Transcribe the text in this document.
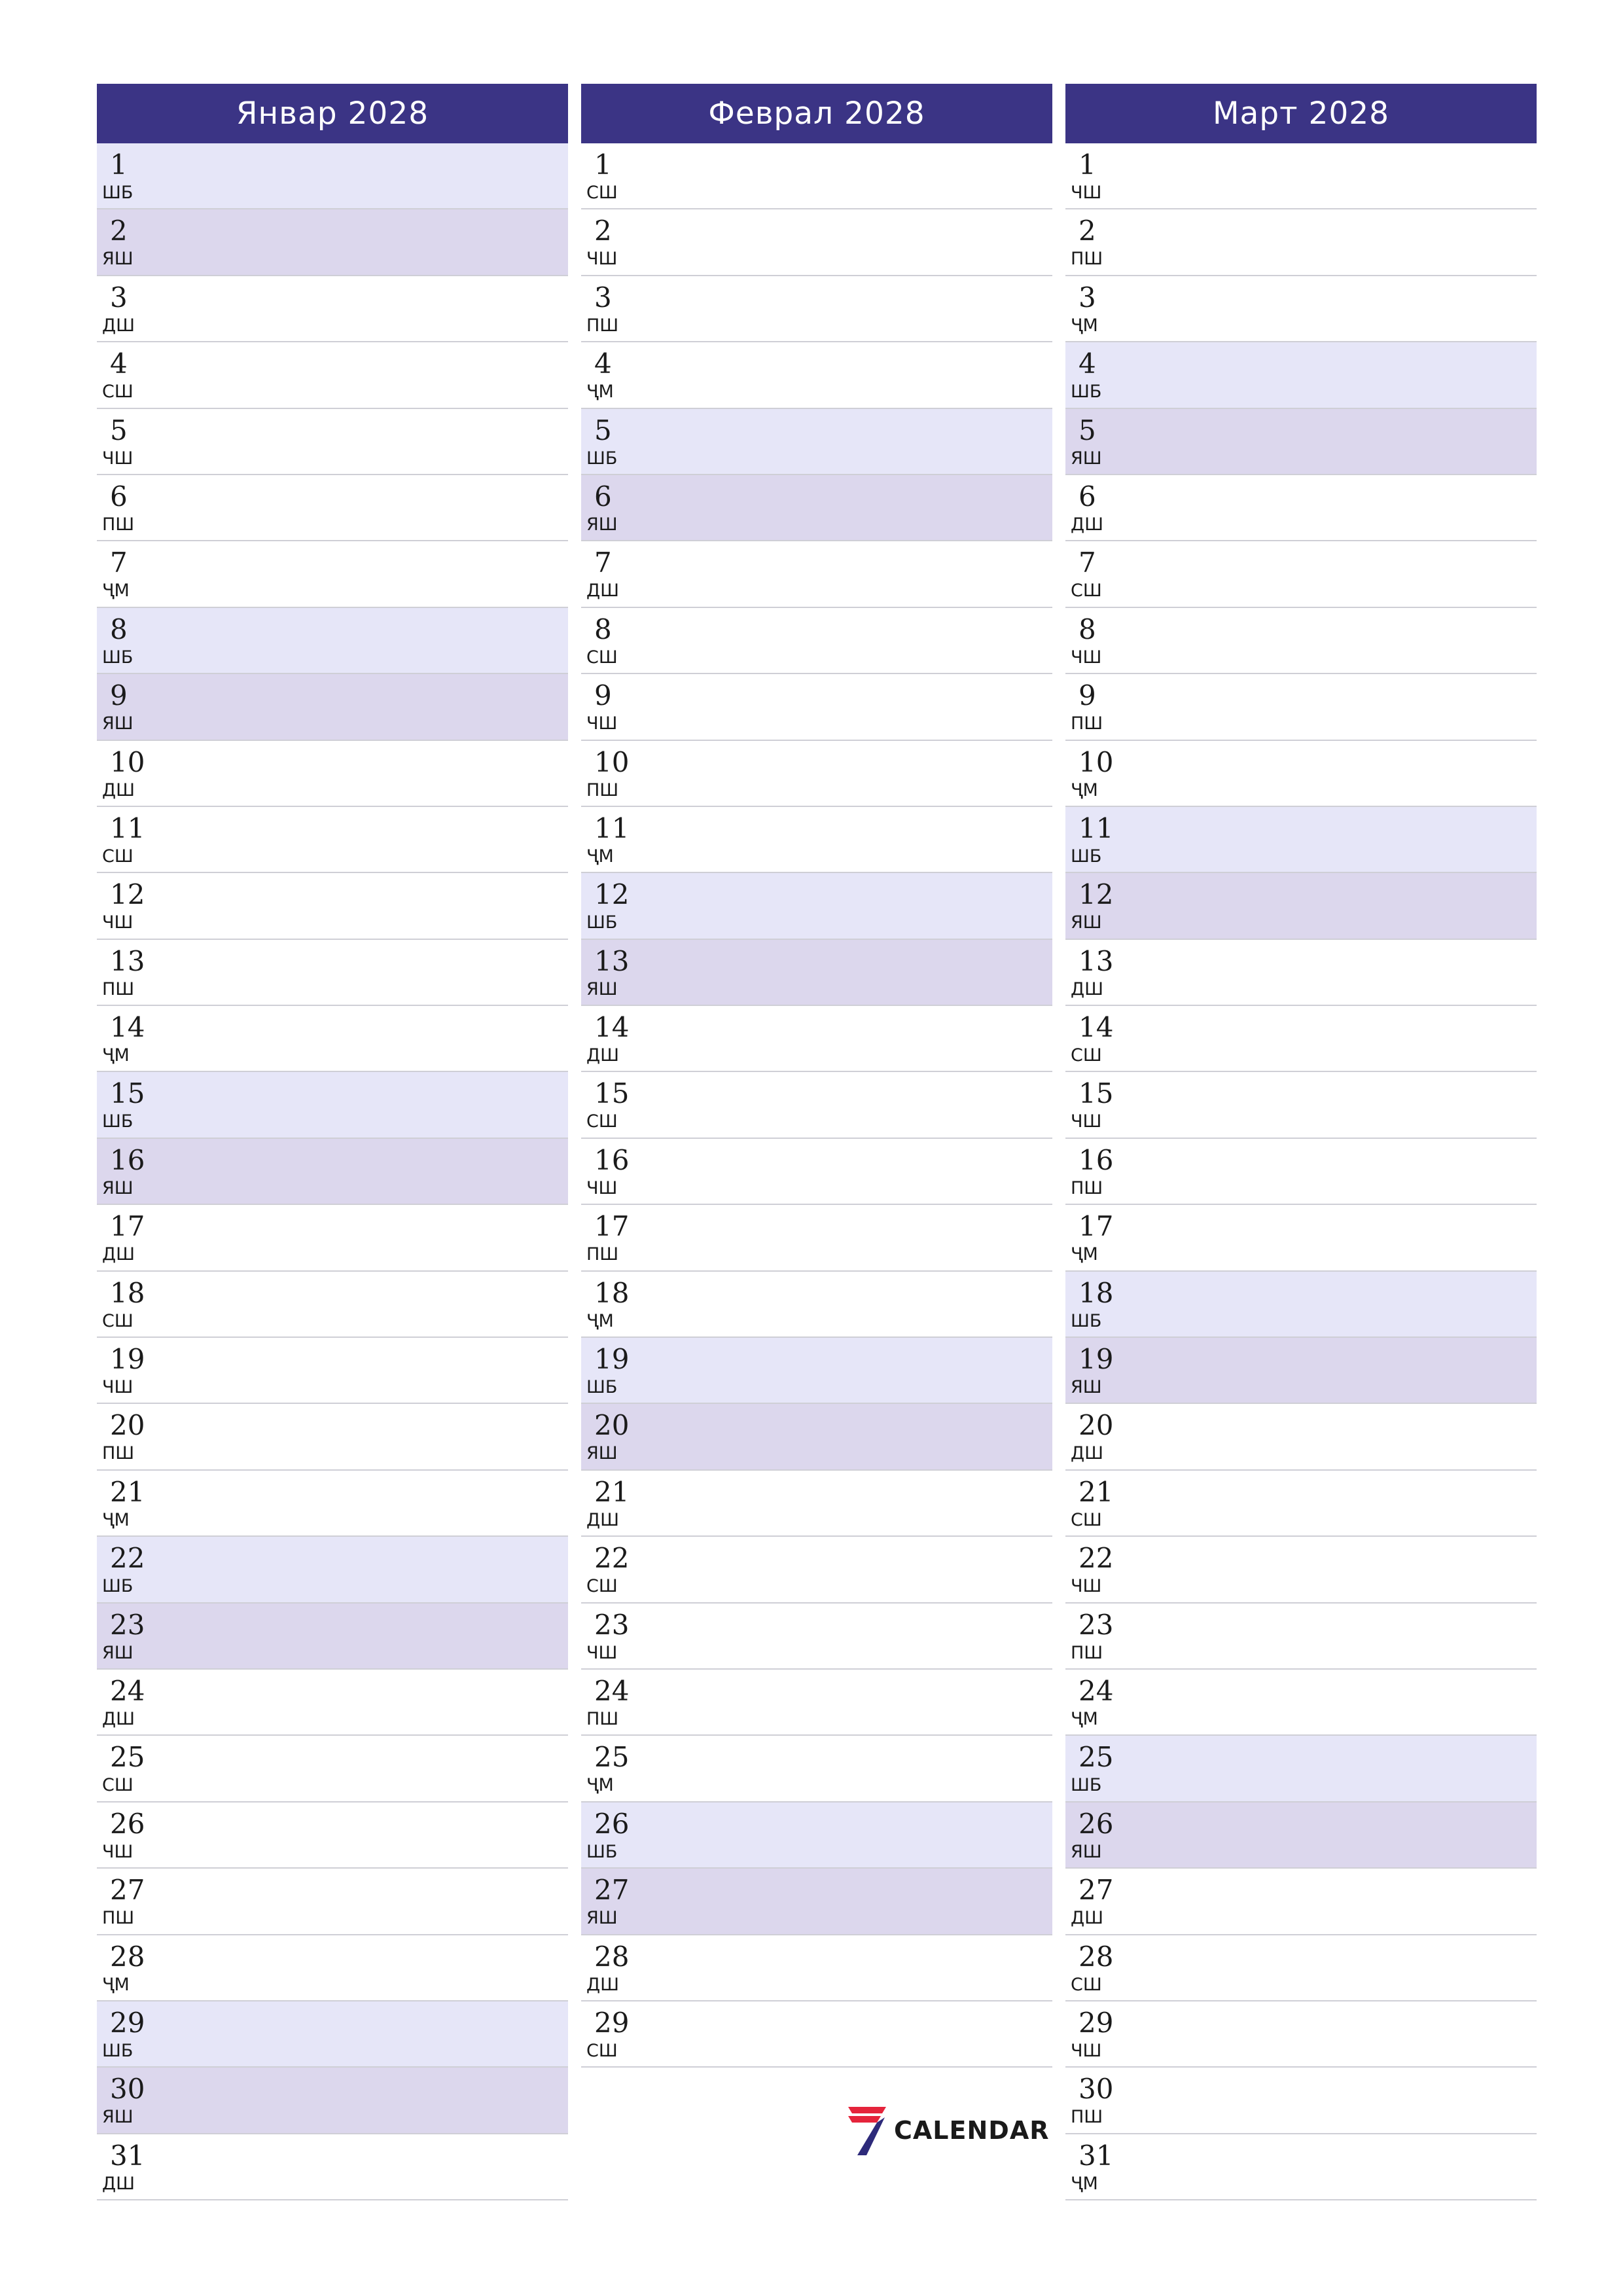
Январ 2028
1
ШБ
2
ЯШ
3
ДШ
4
СШ
5
ЧШ
6
ПШ
7
ҶМ
8
ШБ
9
ЯШ
10
ДШ
11
СШ
12
ЧШ
13
ПШ
14
ҶМ
15
ШБ
16
ЯШ
17
ДШ
18
СШ
19
ЧШ
20
ПШ
21
ҶМ
22
ШБ
23
ЯШ
24
ДШ
25
СШ
26
ЧШ
27
ПШ
28
ҶМ
29
ШБ
30
ЯШ
31
ДШ
Феврал 2028
1
СШ
2
ЧШ
3
ПШ
4
ҶМ
5
ШБ
6
ЯШ
7
ДШ
8
СШ
9
ЧШ
10
ПШ
11
ҶМ
12
ШБ
13
ЯШ
14
ДШ
15
СШ
16
ЧШ
17
ПШ
18
ҶМ
19
ШБ
20
ЯШ
21
ДШ
22
СШ
23
ЧШ
24
ПШ
25
ҶМ
26
ШБ
27
ЯШ
28
ДШ
29
СШ
Март 2028
1
ЧШ
2
ПШ
3
ҶМ
4
ШБ
5
ЯШ
6
ДШ
7
СШ
8
ЧШ
9
ПШ
10
ҶМ
11
ШБ
12
ЯШ
13
ДШ
14
СШ
15
ЧШ
16
ПШ
17
ҶМ
18
ШБ
19
ЯШ
20
ДШ
21
СШ
22
ЧШ
23
ПШ
24
ҶМ
25
ШБ
26
ЯШ
27
ДШ
28
СШ
29
ЧШ
30
ПШ
31
ҶМ
CALENDAR
